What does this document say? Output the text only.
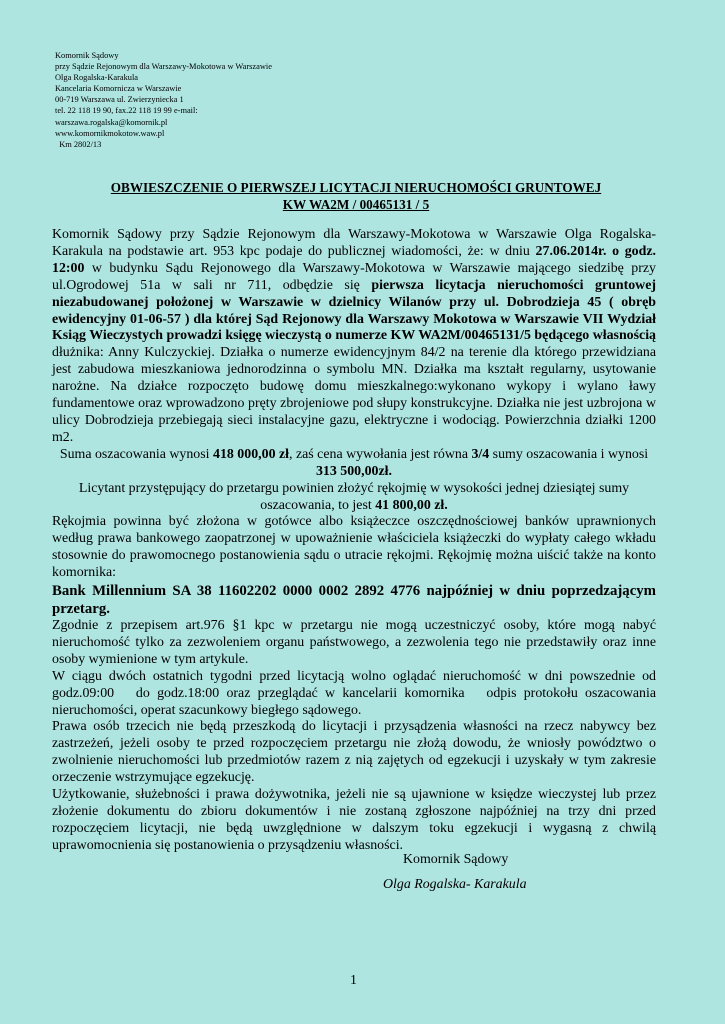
Komornik Sądowy
przy Sądzie Rejonowym dla Warszawy-Mokotowa w Warszawie
Olga Rogalska-Karakula
Kancelaria Komornicza w Warszawie
00-719 Warszawa ul. Zwierzyniecka 1
tel. 22 118 19 90, fax.22 118 19 99 e-mail:
warszawa.rogalska@komornik.pl
www.komornikmokotow.waw.pl
Km 2802/13
OBWIESZCZENIE O PIERWSZEJ LICYTACJI NIERUCHOMOŚCI GRUNTOWEJ
KW WA2M / 00465131 / 5

Komornik Sądowy przy Sądzie Rejonowym dla Warszawy-Mokotowa w Warszawie Olga Rogalska-Karakula na podstawie art. 953 kpc podaje do publicznej wiadomości, że: w dniu 27.06.2014r. o godz. 12:00 w budynku Sądu Rejonowego dla Warszawy-Mokotowa w Warszawie mającego siedzibę przy ul.Ogrodowej 51a w sali nr 711, odbędzie się pierwsza licytacja nieruchomości gruntowej niezabudowanej położonej w Warszawie w dzielnicy Wilanów przy ul. Dobrodzieja 45 ( obręb ewidencyjny 01-06-57 ) dla której Sąd Rejonowy dla Warszawy Mokotowa w Warszawie VII Wydział Ksiąg Wieczystych prowadzi księgę wieczystą o numerze KW WA2M/00465131/5 będącego własnością dłużnika: Anny Kulczyckiej. Działka o numerze ewidencyjnym 84/2 na terenie dla którego przewidziana jest zabudowa mieszkaniowa jednorodzinna o symbolu MN. Działka ma kształt regularny, usytowanie narożne. Na działce rozpoczęto budowę domu mieszkalnego:wykonano wykopy i wylano ławy fundamentowe oraz wprowadzono pręty zbrojeniowe pod słupy konstrukcyjne. Działka nie jest uzbrojona w ulicy Dobrodzieja przebiegają sieci instalacyjne gazu, elektryczne i wodociąg. Powierzchnia działki 1200 m2.

Suma oszacowania wynosi 418 000,00 zł, zaś cena wywołania jest równa 3/4 sumy oszacowania i wynosi    313 500,00zł.

Licytant przystępujący do przetargu powinien złożyć rękojmię w wysokości jednej dziesiątej sumy oszacowania, to jest 41 800,00 zł.

Rękojmia powinna być złożona w gotówce albo książeczce oszczędnościowej banków uprawnionych według prawa bankowego zaopatrzonej w upoważnienie właściciela książeczki do wypłaty całego wkładu stosownie do prawomocnego postanowienia sądu o utracie rękojmi. Rękojmię można uiścić także na konto komornika:

Bank Millennium SA 38 11602202 0000 0002 2892 4776 najpóźniej w dniu poprzedzającym przetarg.

Zgodnie z przepisem art.976 §1 kpc w przetargu nie mogą uczestniczyć osoby, które mogą nabyć nieruchomość tylko za zezwoleniem organu państwowego, a zezwolenia tego nie przedstawiły oraz inne osoby wymienione w tym artykule.

W ciągu dwóch ostatnich tygodni przed licytacją wolno oglądać nieruchomość w dni powszednie od godz.09:00   do godz.18:00 oraz przeglądać w kancelarii komornika   odpis protokołu oszacowania nieruchomości, operat szacunkowy biegłego sądowego.

Prawa osób trzecich nie będą przeszkodą do licytacji i przysądzenia własności na rzecz nabywcy bez zastrzeżeń, jeżeli osoby te przed rozpoczęciem przetargu nie złożą dowodu, że wniosły powództwo o zwolnienie nieruchomości lub przedmiotów razem z nią zajętych od egzekucji i uzyskały w tym zakresie orzeczenie wstrzymujące egzekucję.

Użytkowanie, służebności i prawa dożywotnika, jeżeli nie są ujawnione w księdze wieczystej lub przez złożenie dokumentu do zbioru dokumentów i nie zostaną zgłoszone najpóźniej na trzy dni przed rozpoczęciem licytacji, nie będą uwzględnione w dalszym toku egzekucji i wygasną z chwilą uprawomocnienia się postanowienia o przysądzeniu własności.

Komornik Sądowy
Olga Rogalska- Karakula
1
